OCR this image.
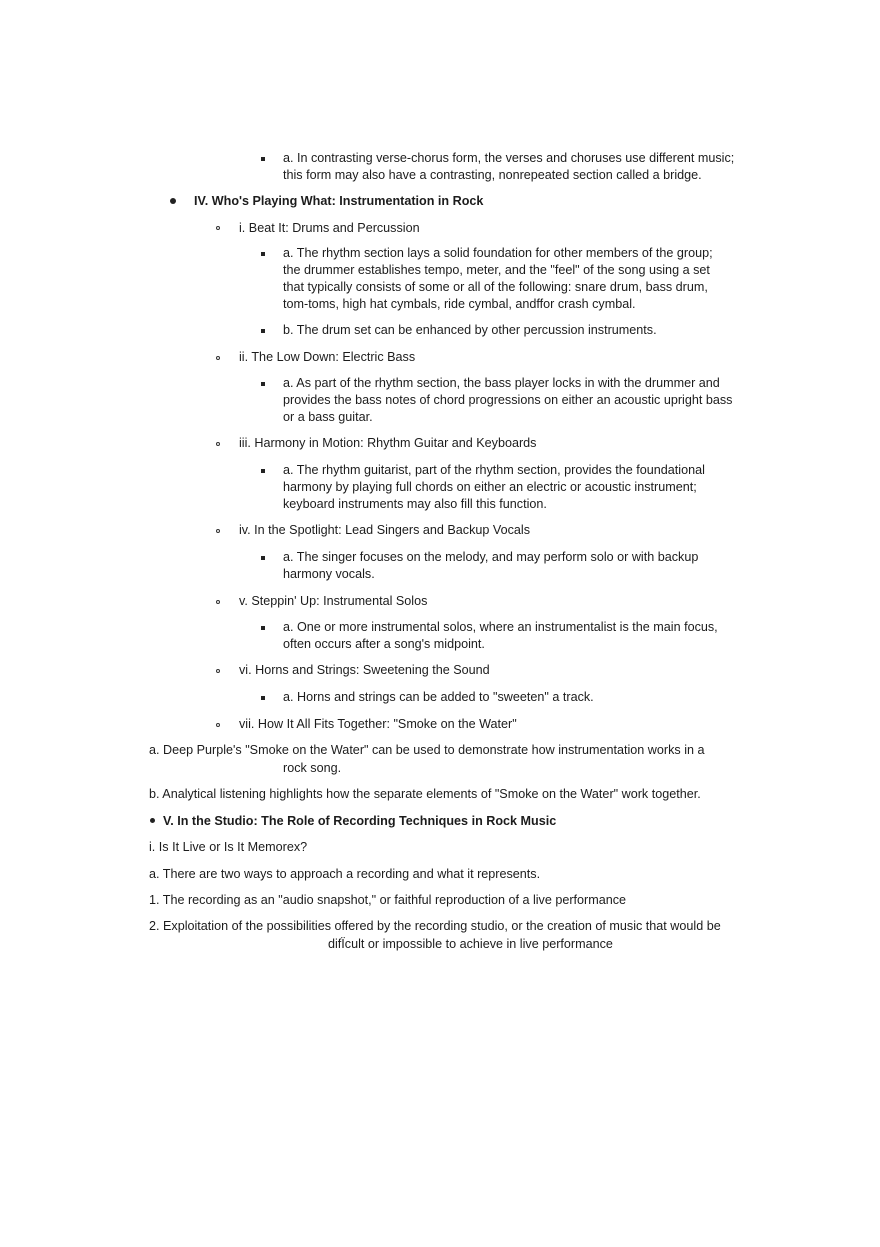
a. In contrasting verse-chorus form, the verses and choruses use different music;
this form may also have a contrasting, nonrepeated section called a bridge.
IV. Who's Playing What: Instrumentation in Rock
i. Beat It: Drums and Percussion
a. The rhythm section lays a solid foundation for other members of the group;
the drummer establishes tempo, meter, and the "feel" of the song using a set
that typically consists of some or all of the following: snare drum, bass drum,
tom-toms, high hat cymbals, ride cymbal, andffor crash cymbal.
b. The drum set can be enhanced by other percussion instruments.
ii. The Low Down: Electric Bass
a. As part of the rhythm section, the bass player locks in with the drummer and
provides the bass notes of chord progressions on either an acoustic upright bass
or a bass guitar.
iii. Harmony in Motion: Rhythm Guitar and Keyboards
a. The rhythm guitarist, part of the rhythm section, provides the foundational
harmony by playing full chords on either an electric or acoustic instrument;
keyboard instruments may also fill this function.
iv. In the Spotlight: Lead Singers and Backup Vocals
a. The singer focuses on the melody, and may perform solo or with backup
harmony vocals.
v. Steppin' Up: Instrumental Solos
a. One or more instrumental solos, where an instrumentalist is the main focus,
often occurs after a song's midpoint.
vi. Horns and Strings: Sweetening the Sound
a. Horns and strings can be added to "sweeten" a track.
vii. How It All Fits Together: "Smoke on the Water"
a. Deep Purple's "Smoke on the Water" can be used to demonstrate how instrumentation works in a
rock song.
b. Analytical listening highlights how the separate elements of "Smoke on the Water" work together.
V. In the Studio: The Role of Recording Techniques in Rock Music
i. Is It Live or Is It Memorex?
a. There are two ways to approach a recording and what it represents.
1. The recording as an "audio snapshot," or faithful reproduction of a live performance
2. Exploitation of the possibilities offered by the recording studio, or the creation of music that would be
difÏcult or impossible to achieve in live performance
